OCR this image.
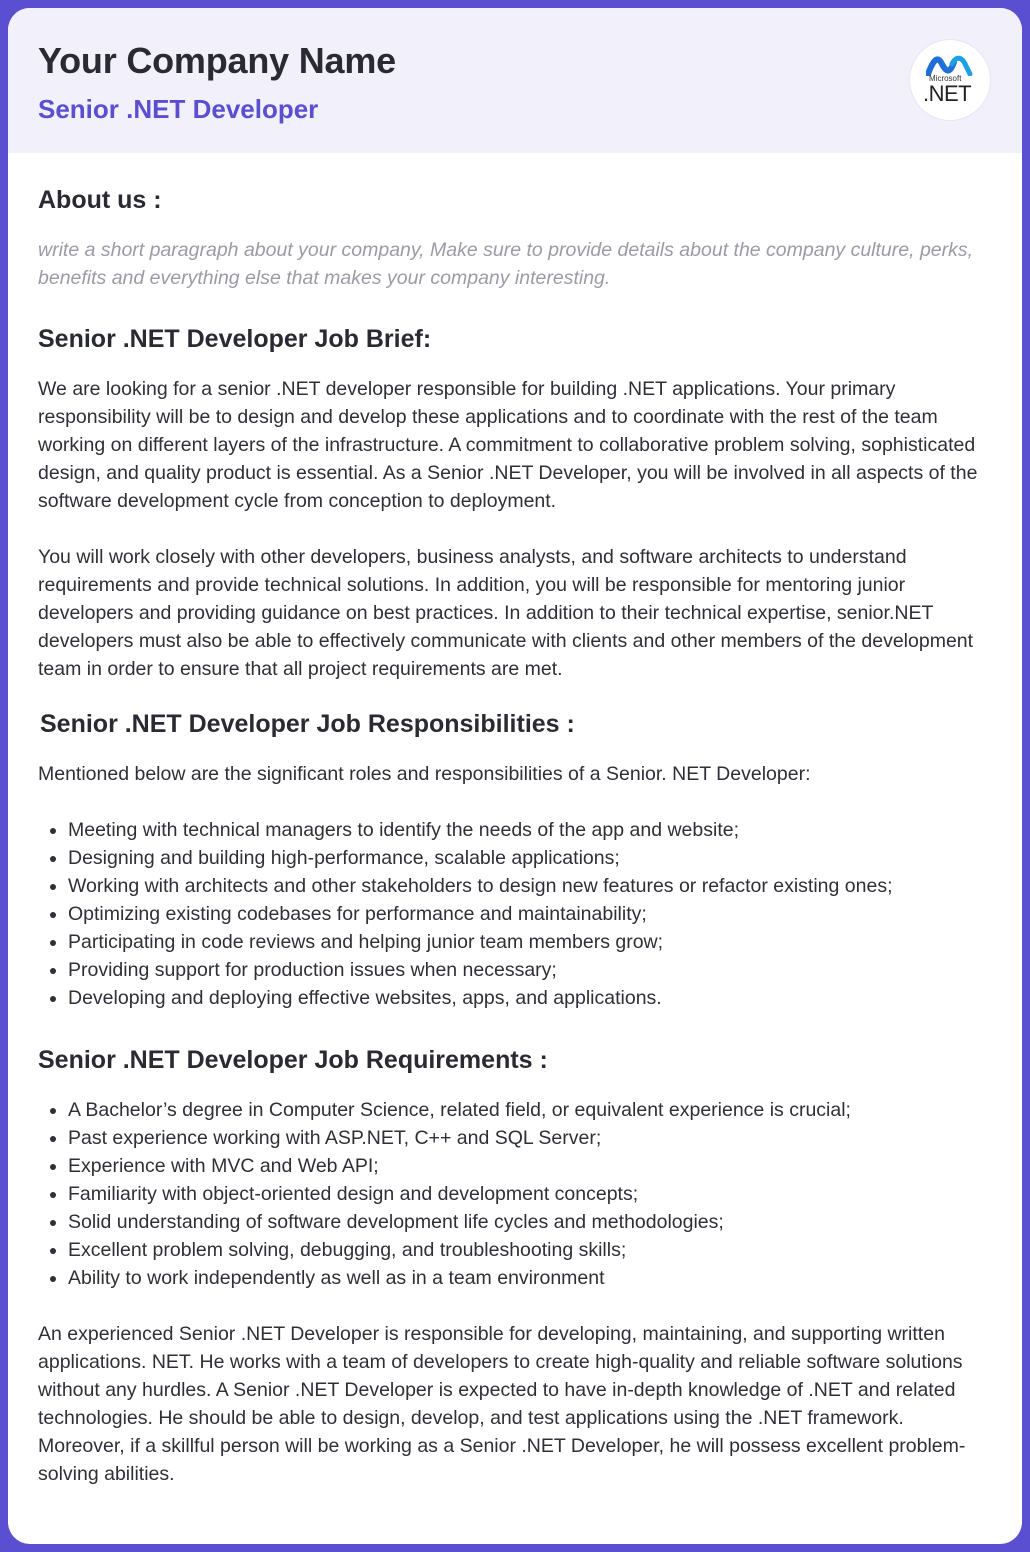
Your Company Name
Senior .NET Developer
Microsoft
.NET
About us :

write a short paragraph about your company, Make sure to provide details about the company culture, perks, benefits and everything else that makes your company interesting.

Senior .NET Developer Job Brief:

We are looking for a senior .NET developer responsible for building .NET applications. Your primary responsibility will be to design and develop these applications and to coordinate with the rest of the team working on different layers of the infrastructure. A commitment to collaborative problem solving, sophisticated design, and quality product is essential. As a Senior .NET Developer, you will be involved in all aspects of the software development cycle from conception to deployment.

You will work closely with other developers, business analysts, and software architects to understand requirements and provide technical solutions. In addition, you will be responsible for mentoring junior developers and providing guidance on best practices. In addition to their technical expertise, senior.NET developers must also be able to effectively communicate with clients and other members of the development team in order to ensure that all project requirements are met.

Senior .NET Developer Job Responsibilities :

Mentioned below are the significant roles and responsibilities of a Senior. NET Developer:

• Meeting with technical managers to identify the needs of the app and website;
• Designing and building high-performance, scalable applications;
• Working with architects and other stakeholders to design new features or refactor existing ones;
• Optimizing existing codebases for performance and maintainability;
• Participating in code reviews and helping junior team members grow;
• Providing support for production issues when necessary;
• Developing and deploying effective websites, apps, and applications.
Senior .NET Developer Job Requirements :
• A Bachelor’s degree in Computer Science, related field, or equivalent experience is crucial;
• Past experience working with ASP.NET, C++ and SQL Server;
• Experience with MVC and Web API;
• Familiarity with object-oriented design and development concepts;
• Solid understanding of software development life cycles and methodologies;
• Excellent problem solving, debugging, and troubleshooting skills;
• Ability to work independently as well as in a team environment

An experienced Senior .NET Developer is responsible for developing, maintaining, and supporting written applications. NET. He works with a team of developers to create high-quality and reliable software solutions without any hurdles. A Senior .NET Developer is expected to have in-depth knowledge of .NET and related technologies. He should be able to design, develop, and test applications using the .NET framework. Moreover, if a skillful person will be working as a Senior .NET Developer, he will possess excellent problem-solving abilities.
